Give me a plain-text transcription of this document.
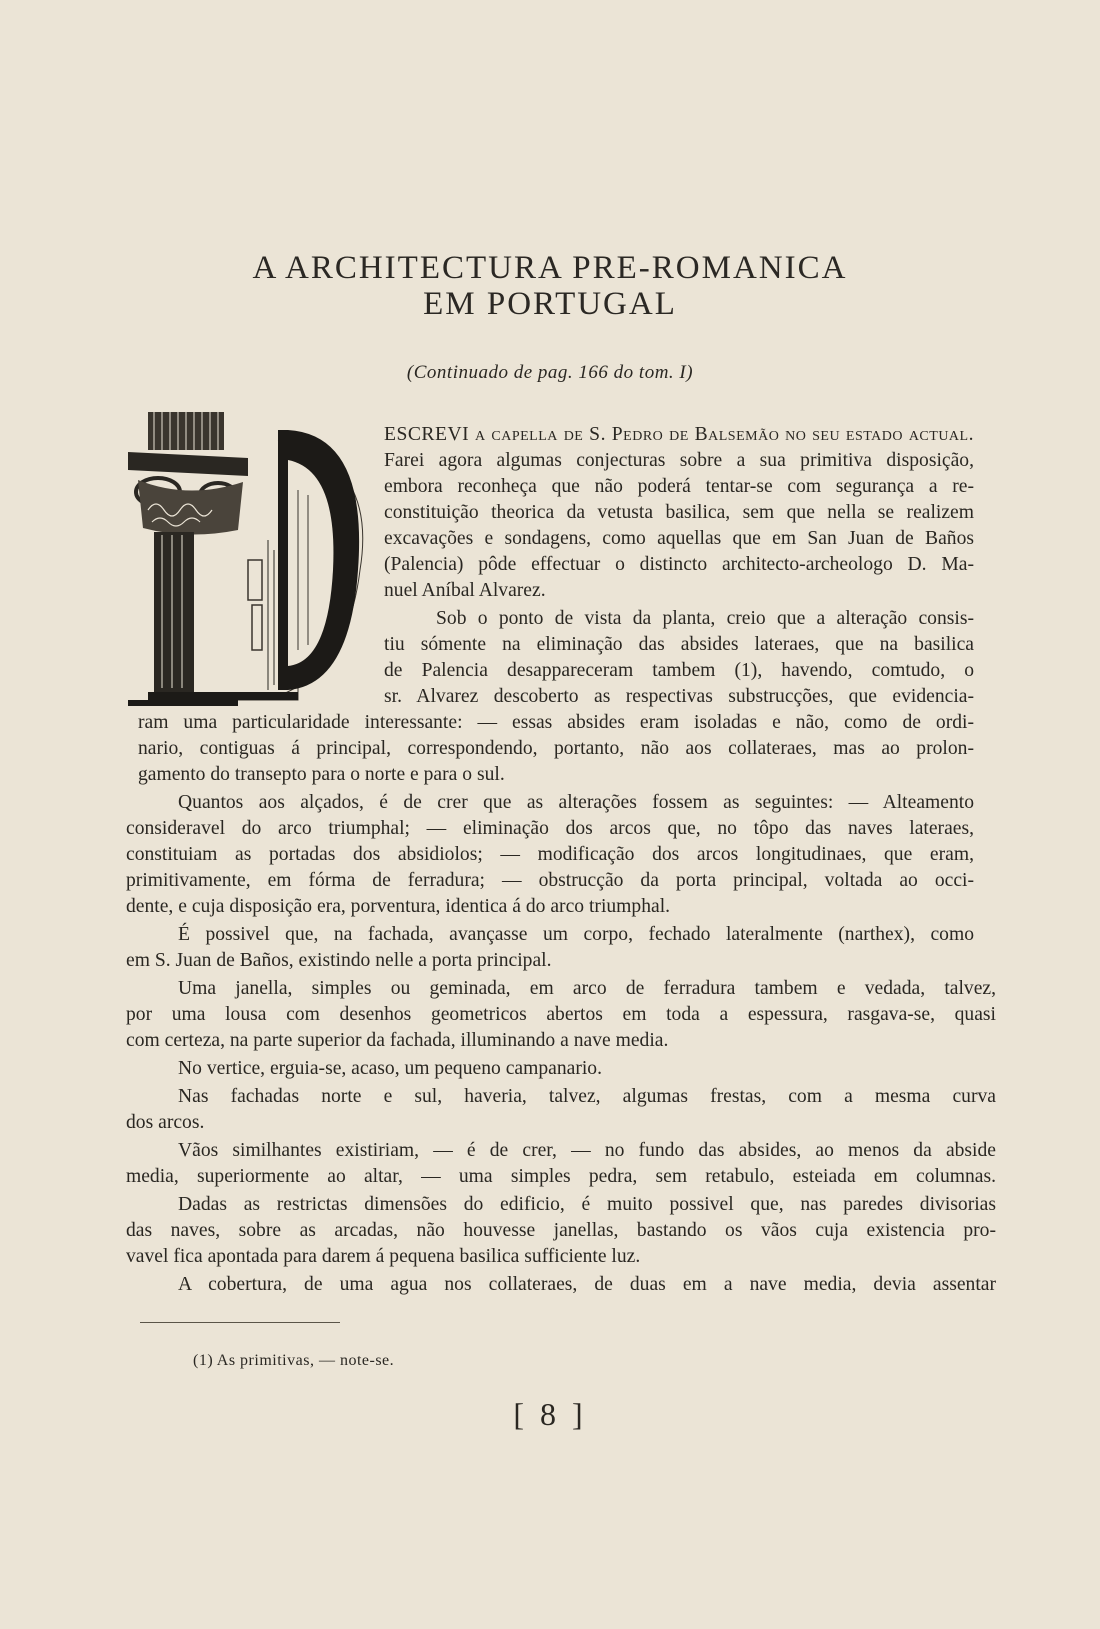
A ARCHITECTURA PRE-ROMANICA
EM PORTUGAL
(Continuado de pag. 166 do tom. I)
ESCREVI a capella de S. Pedro de Balsemão no seu estado actual.
Farei agora algumas conjecturas sobre a sua primitiva disposição,
embora reconheça que não poderá tentar-se com segurança a re-
constituição theorica da vetusta basilica, sem que nella se realizem
excavações e sondagens, como aquellas que em San Juan de Baños
(Palencia) pôde effectuar o distincto architecto-archeologo D. Ma-
nuel Aníbal Alvarez.
Sob o ponto de vista da planta, creio que a alteração consis-
tiu sómente na eliminação das absides lateraes, que na basilica
de Palencia desappareceram tambem (1), havendo, comtudo, o
sr. Alvarez descoberto as respectivas substrucções, que evidencia-
ram uma particularidade interessante: — essas absides eram isoladas e não, como de ordi-
nario, contiguas á principal, correspondendo, portanto, não aos collateraes, mas ao prolon-
gamento do transepto para o norte e para o sul.
Quantos aos alçados, é de crer que as alterações fossem as seguintes: — Alteamento
consideravel do arco triumphal; — eliminação dos arcos que, no tôpo das naves lateraes,
constituiam as portadas dos absidiolos; — modificação dos arcos longitudinaes, que eram,
primitivamente, em fórma de ferradura; — obstrucção da porta principal, voltada ao occi-
dente, e cuja disposição era, porventura, identica á do arco triumphal.
É possivel que, na fachada, avançasse um corpo, fechado lateralmente (narthex), como
em S. Juan de Baños, existindo nelle a porta principal.
Uma janella, simples ou geminada, em arco de ferradura tambem e vedada, talvez,
por uma lousa com desenhos geometricos abertos em toda a espessura, rasgava-se, quasi
com certeza, na parte superior da fachada, illuminando a nave media.
No vertice, erguia-se, acaso, um pequeno campanario.
Nas fachadas norte e sul, haveria, talvez, algumas frestas, com a mesma curva
dos arcos.
Vãos similhantes existiriam, — é de crer, — no fundo das absides, ao menos da abside
media, superiormente ao altar, — uma simples pedra, sem retabulo, esteiada em columnas.
Dadas as restrictas dimensões do edificio, é muito possivel que, nas paredes divisorias
das naves, sobre as arcadas, não houvesse janellas, bastando os vãos cuja existencia pro-
vavel fica apontada para darem á pequena basilica sufficiente luz.
A cobertura, de uma agua nos collateraes, de duas em a nave media, devia assentar
(1) As primitivas, — note-se.
[ 8 ]
